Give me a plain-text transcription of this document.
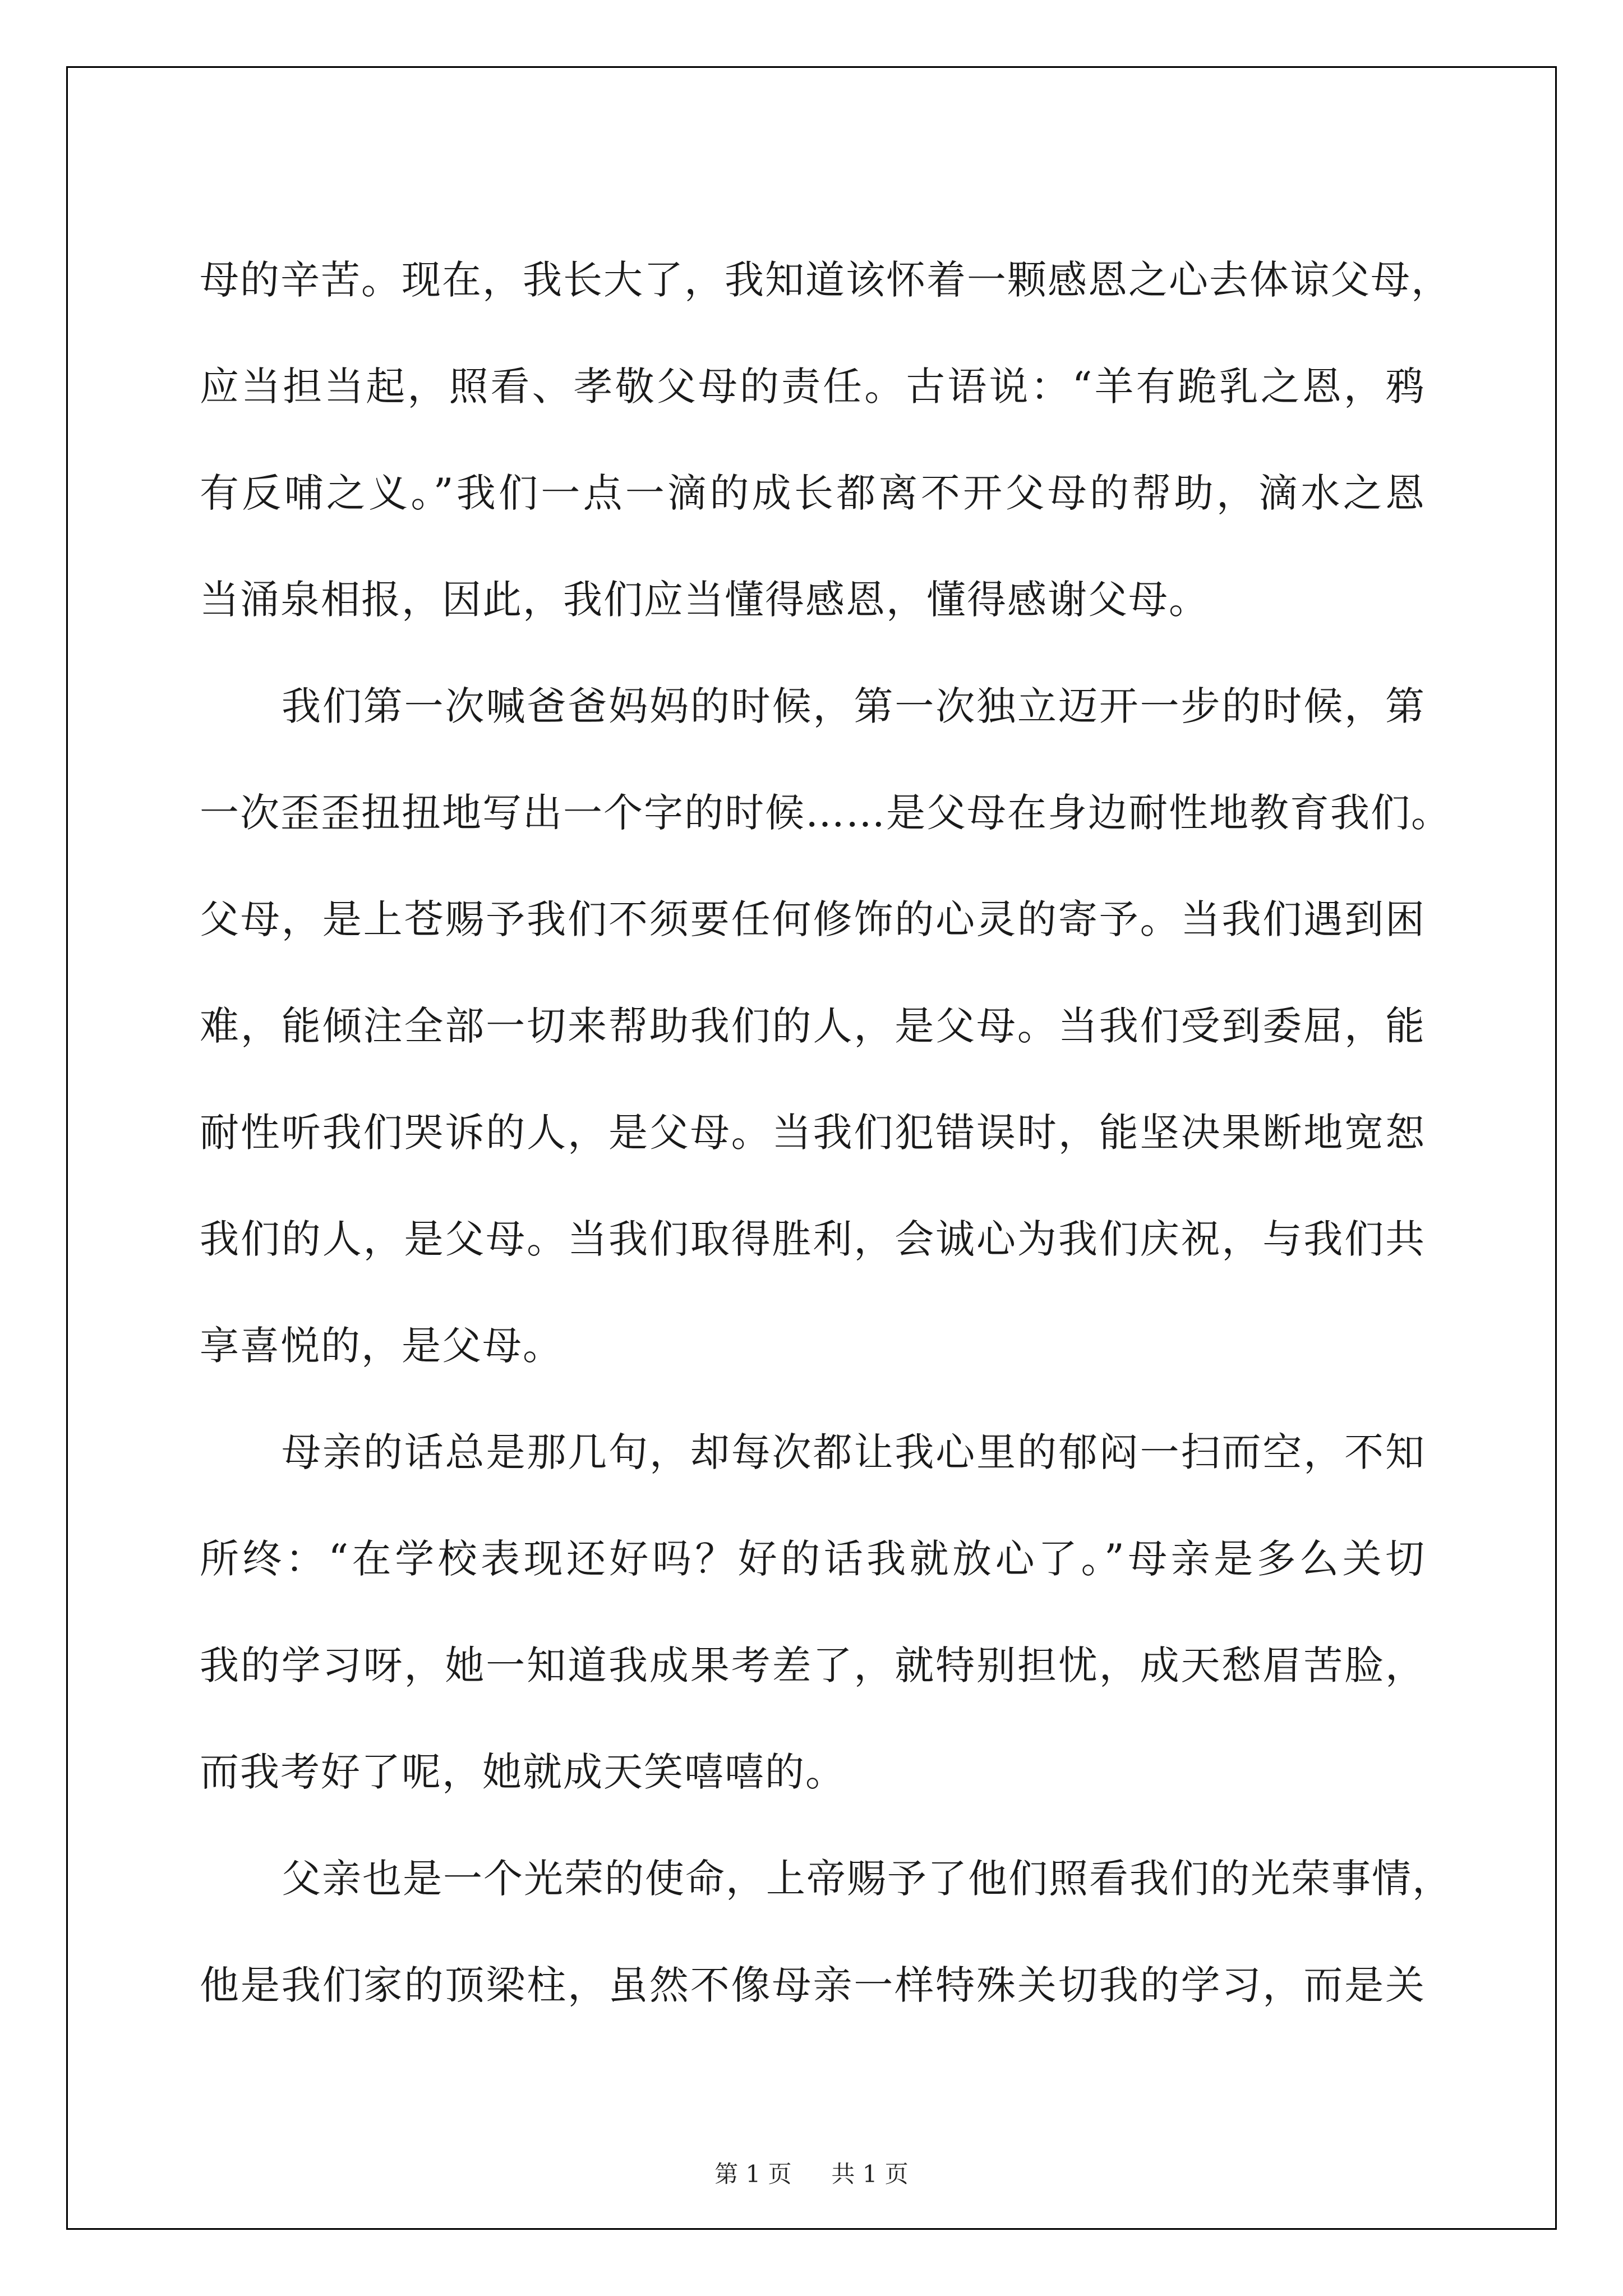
母的辛苦。现在，我长大了，我知道该怀着一颗感恩之心去体谅父母，
应当担当起，照看、孝敬父母的责任。古语说：“羊有跪乳之恩，鸦
有反哺之义。”我们一点一滴的成长都离不开父母的帮助，滴水之恩
当涌泉相报，因此，我们应当懂得感恩，懂得感谢父母。
我们第一次喊爸爸妈妈的时候，第一次独立迈开一步的时候，第
一次歪歪扭扭地写出一个字的时候……是父母在身边耐性地教育我们。
父母，是上苍赐予我们不须要任何修饰的心灵的寄予。当我们遇到困
难，能倾注全部一切来帮助我们的人，是父母。当我们受到委屈，能
耐性听我们哭诉的人，是父母。当我们犯错误时，能坚决果断地宽恕
我们的人，是父母。当我们取得胜利，会诚心为我们庆祝，与我们共
享喜悦的，是父母。
母亲的话总是那几句，却每次都让我心里的郁闷一扫而空，不知
所终：“在学校表现还好吗？好的话我就放心了。”母亲是多么关切
我的学习呀，她一知道我成果考差了，就特别担忧，成天愁眉苦脸，
而我考好了呢，她就成天笑嘻嘻的。
父亲也是一个光荣的使命，上帝赐予了他们照看我们的光荣事情，
他是我们家的顶梁柱，虽然不像母亲一样特殊关切我的学习，而是关
第 1 页 共 1 页
